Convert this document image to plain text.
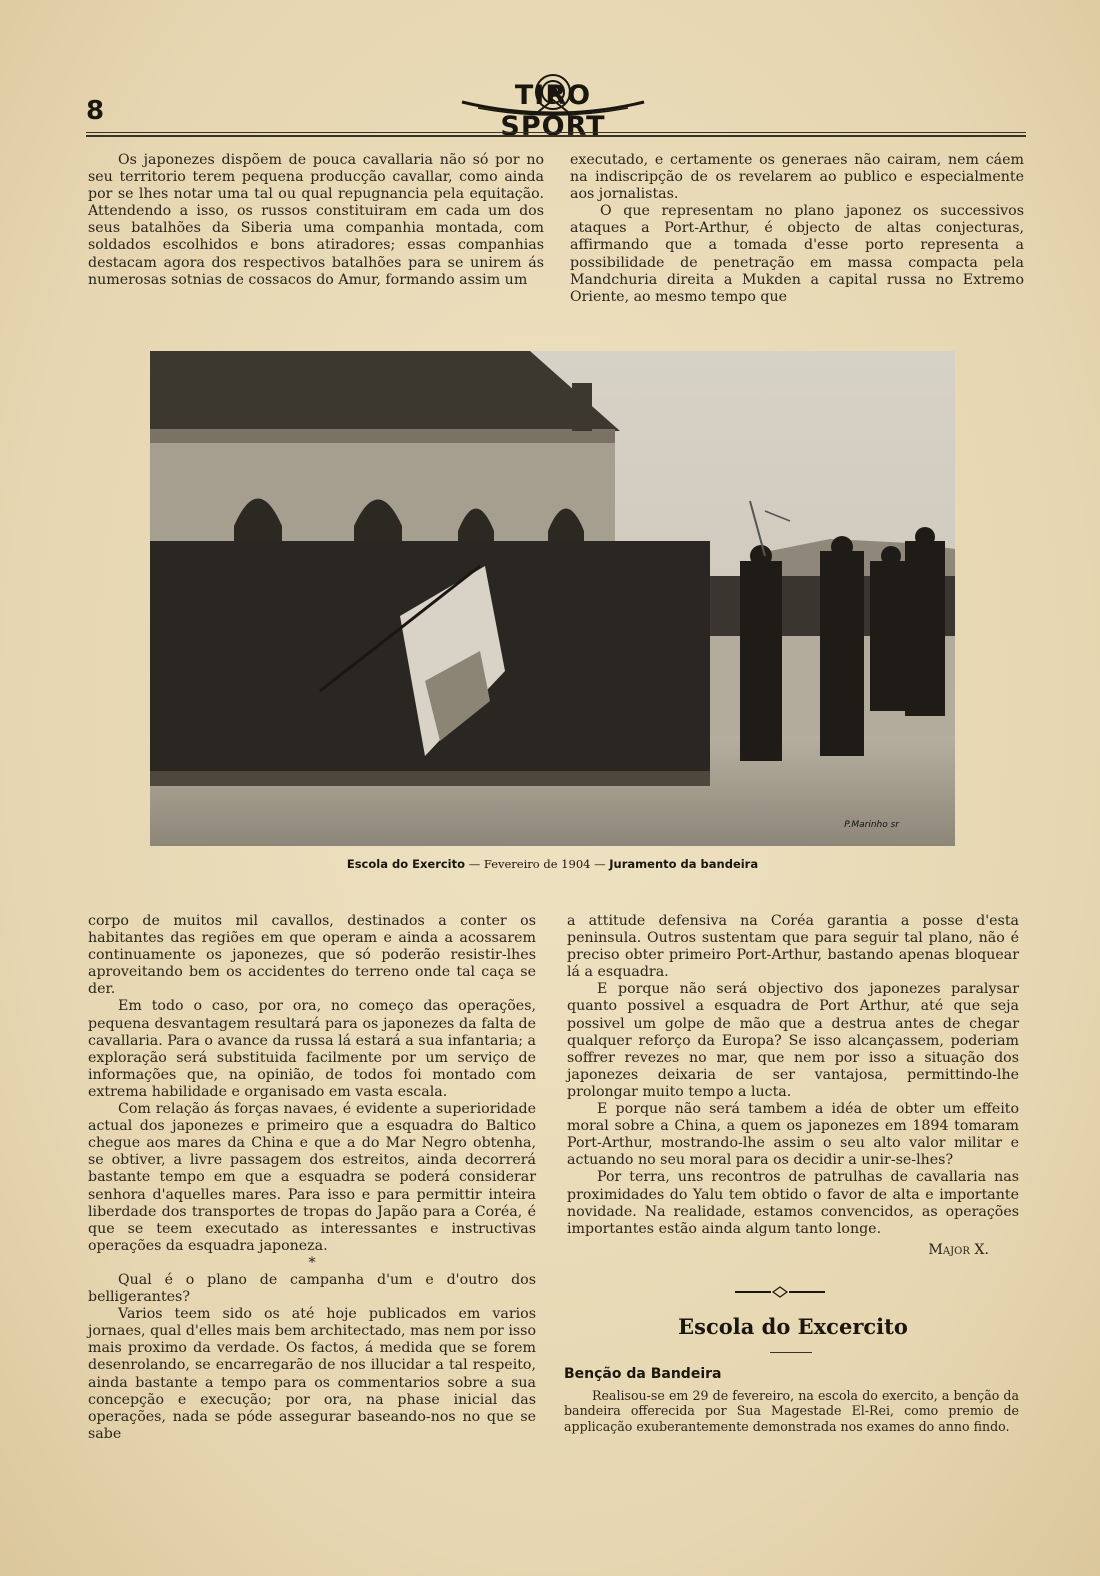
8	TIRO SPORT

Os japonezes dispõem de pouca cavallaria não só por no seu territorio terem pequena producção cavallar, como ainda por se lhes notar uma tal ou qual repugnancia pela equitação. Attendendo a isso, os russos constituiram em cada um dos seus batalhões da Siberia uma companhia montada, com soldados escolhidos e bons atiradores; essas companhias destacam agora dos respectivos batalhões para se unirem ás numerosas sotnias de cossacos do Amur, formando assim um

executado, e certamente os generaes não cairam, nem cáem na indiscripção de os revelarem ao publico e especialmente aos jornalistas.

O que representam no plano japonez os successivos ataques a Port-Arthur, é objecto de altas conjecturas, affirmando que a tomada d'esse porto representa a possibilidade de penetração em massa compacta pela Mandchuria direita a Mukden a capital russa no Extremo Oriente, ao mesmo tempo que

P.Marinho sr
Escola do Exercito — Fevereiro de 1904 — Juramento da bandeira

corpo de muitos mil cavallos, destinados a conter os habitantes das regiões em que operam e ainda a acossarem continuamente os japonezes, que só poderão resistir-lhes aproveitando bem os accidentes do terreno onde tal caça se der.

Em todo o caso, por ora, no começo das operações, pequena desvantagem resultará para os japonezes da falta de cavallaria. Para o avance da russa lá estará a sua infantaria; a exploração será substituida facilmente por um serviço de informações que, na opinião, de todos foi montado com extrema habilidade e organisado em vasta escala.

Com relação ás forças navaes, é evidente a superioridade actual dos japonezes e primeiro que a esquadra do Baltico chegue aos mares da China e que a do Mar Negro obtenha, se obtiver, a livre passagem dos estreitos, ainda decorrerá bastante tempo em que a esquadra se poderá considerar senhora d'aquelles mares. Para isso e para permittir inteira liberdade dos transportes de tropas do Japão para a Coréa, é que se teem executado as interessantes e instructivas operações da esquadra japoneza.

*

Qual é o plano de campanha d'um e d'outro dos belligerantes?

Varios teem sido os até hoje publicados em varios jornaes, qual d'elles mais bem architectado, mas nem por isso mais proximo da verdade. Os factos, á medida que se forem desenrolando, se encarregarão de nos illucidar a tal respeito, ainda bastante a tempo para os commentarios sobre a sua concepção e execução; por ora, na phase inicial das operações, nada se póde assegurar baseando-nos no que se sabe

a attitude defensiva na Coréa garantia a posse d'esta peninsula. Outros sustentam que para seguir tal plano, não é preciso obter primeiro Port-Arthur, bastando apenas bloquear lá a esquadra.

E porque não será objectivo dos japonezes paralysar quanto possivel a esquadra de Port Arthur, até que seja possivel um golpe de mão que a destrua antes de chegar qualquer reforço da Europa? Se isso alcançassem, poderiam soffrer revezes no mar, que nem por isso a situação dos japonezes deixaria de ser vantajosa, permittindo-lhe prolongar muito tempo a lucta.

E porque não será tambem a idéa de obter um effeito moral sobre a China, a quem os japonezes em 1894 tomaram Port-Arthur, mostrando-lhe assim o seu alto valor militar e actuando no seu moral para os decidir a unir-se-lhes?

Por terra, uns recontros de patrulhas de cavallaria nas proximidades do Yalu tem obtido o favor de alta e importante novidade. Na realidade, estamos convencidos, as operações importantes estão ainda algum tanto longe.

Major X.

Escola do Excercito
Benção da Bandeira

Realisou-se em 29 de fevereiro, na escola do exercito, a benção da bandeira offerecida por Sua Magestade El-Rei, como premio de applicação exuberantemente demonstrada nos exames do anno findo.
